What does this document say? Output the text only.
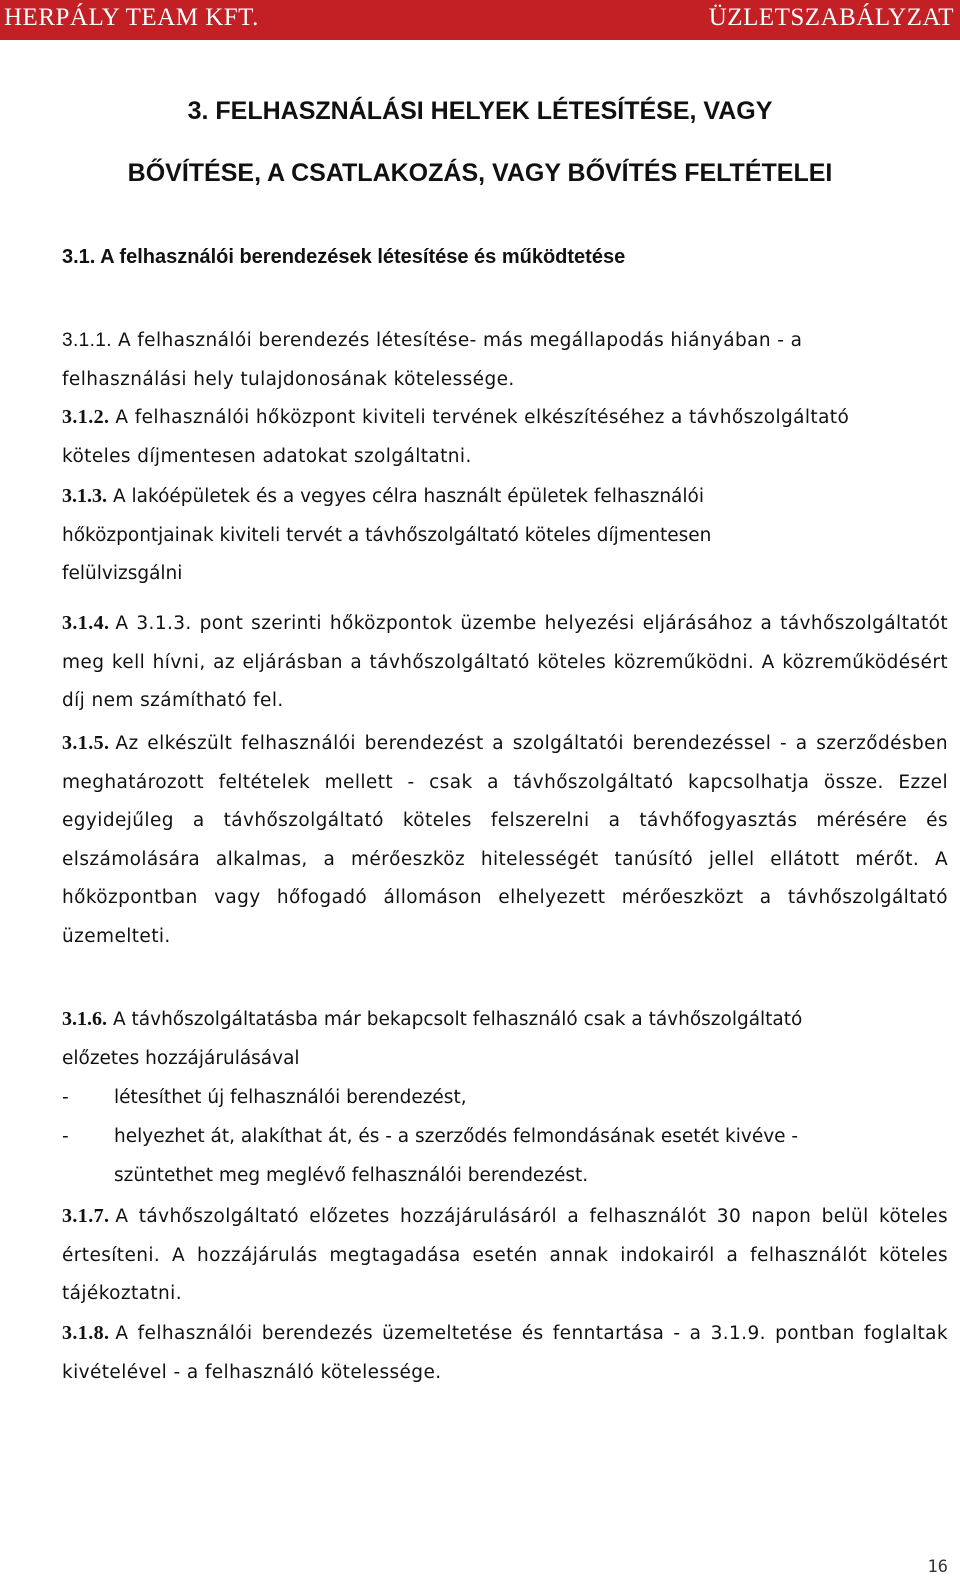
HERPÁLY TEAM KFT.	ÜZLETSZABÁLYZAT
3. FELHASZNÁLÁSI HELYEK LÉTESÍTÉSE, VAGY
BŐVÍTÉSE, A CSATLAKOZÁS, VAGY BŐVÍTÉS FELTÉTELEI
3.1. A felhasználói berendezések létesítése és működtetése
3.1.1. A felhasználói berendezés létesítése- más megállapodás hiányában - a
felhasználási hely tulajdonosának kötelessége.
3.1.2. A felhasználói hőközpont kiviteli tervének elkészítéséhez a távhőszolgáltató
köteles díjmentesen adatokat szolgáltatni.
3.1.3. A lakóépületek és a vegyes célra használt épületek felhasználói
hőközpontjainak kiviteli tervét a távhőszolgáltató köteles díjmentesen
felülvizsgálni
3.1.4. A 3.1.3. pont szerinti hőközpontok üzembe helyezési eljárásához a távhőszolgáltatót meg kell hívni, az eljárásban a távhőszolgáltató köteles közreműködni. A közreműködésért díj nem számítható fel.
3.1.5. Az elkészült felhasználói berendezést a szolgáltatói berendezéssel - a szerződésben meghatározott feltételek mellett - csak a távhőszolgáltató kapcsolhatja össze. Ezzel egyidejűleg a távhőszolgáltató köteles felszerelni a távhőfogyasztás mérésére és elszámolására alkalmas, a mérőeszköz hitelességét tanúsító jellel ellátott mérőt. A hőközpontban vagy hőfogadó állomáson elhelyezett mérőeszközt a távhőszolgáltató üzemelteti.
3.1.6. A távhőszolgáltatásba már bekapcsolt felhasználó csak a távhőszolgáltató
előzetes hozzájárulásával
- létesíthet új felhasználói berendezést,
- helyezhet át, alakíthat át, és - a szerződés felmondásának esetét kivéve -
szüntethet meg meglévő felhasználói berendezést.
3.1.7. A távhőszolgáltató előzetes hozzájárulásáról a felhasználót 30 napon belül köteles értesíteni. A hozzájárulás megtagadása esetén annak indokairól a felhasználót köteles tájékoztatni.
3.1.8. A felhasználói berendezés üzemeltetése és fenntartása - a 3.1.9. pontban foglaltak kivételével - a felhasználó kötelessége.
16
